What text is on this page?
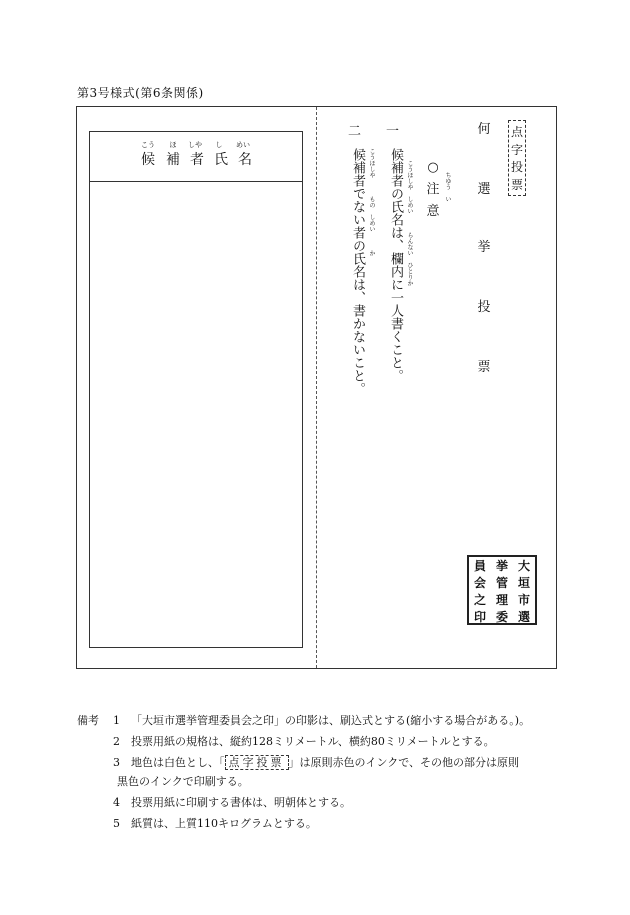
第3号様式(第6条関係)
こう ほ しや し めい
候 補 者 氏 名
点
字
投
票
何
選
挙
投
票
○
注
意
ちゆう　い
一
候補者の氏名は、欄内に一人書くこと。 こうほしや　しめい　　　らんない　ひとりか
二
候補者でない者の氏名は、書かないこと。 こうほしや　　　もの　しめい　　　か
員 挙 大
会 管 垣
之 理 市
印 委 選
備考 1 「大垣市選挙管理委員会之印」の印影は、刷込式とする(縮小する場合がある。)。
2 投票用紙の規格は、縦約128ミリメートル、横約80ミリメートルとする。
3 地色は白色とし、「 点字投票 」は原則赤色のインクで、その他の部分は原則
黒色のインクで印刷する。
4 投票用紙に印刷する書体は、明朝体とする。
5 紙質は、上質110キログラムとする。
